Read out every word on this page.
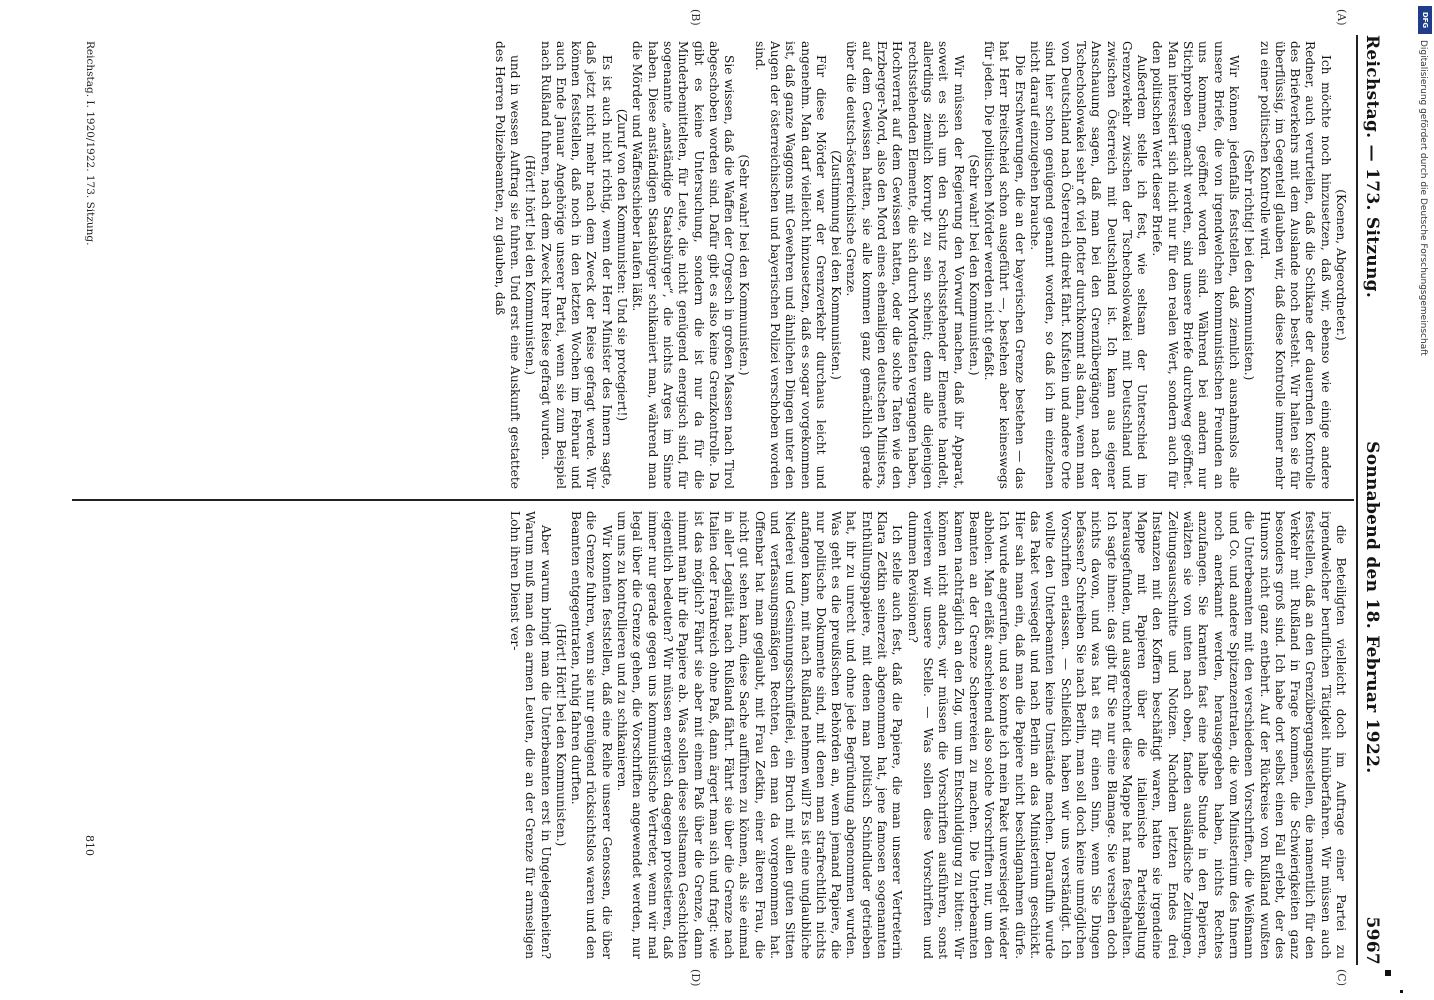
Reichstag. — 173. Sitzung.
Sonnabend den 18. Februar 1922.
5967

(Koenen, Abgeordneter.)

Ich möchte noch hinzusetzen, daß wir, ebenso wie einige andere Redner, auch verurteilen, daß die Schikane der dauernden Kontrolle des Briefverkehrs mit dem Auslande noch besteht. Wir halten sie für überflüssig, im Gegenteil glauben wir, daß diese Kontrolle immer mehr zu einer politischen Kontrolle wird.

(Sehr richtig! bei den Kommunisten.)

Wir können jedenfalls feststellen, daß ziemlich ausnahmslos alle unsere Briefe, die von irgendwelchen kommunistischen Freunden an uns kommen, geöffnet worden sind. Während bei andern nur Stichproben gemacht werden, sind unsere Briefe durchweg geöffnet. Man interessiert sich nicht nur für den realen Wert, sondern auch für den politischen Wert dieser Briefe.

Außerdem stelle ich fest, wie seltsam der Unterschied im Grenzverkehr zwischen der Tschechoslowakei mit Deutschland und zwischen Österreich mit Deutschland ist. Ich kann aus eigener Anschauung sagen, daß man bei den Grenzübergängen nach der Tschechoslowakei sehr oft viel flotter durchkommt als dann, wenn man von Deutschland nach Österreich direkt fährt. Kufstein und andere Orte sind hier schon genügend genannt worden, so daß ich im einzelnen nicht darauf einzugehen brauche.

Die Erschwerungen, die an der bayerischen Grenze bestehen — das hat Herr Breitscheid schon ausgeführt —, bestehen aber keineswegs für jeden. Die politischen Mörder werden nicht gefaßt.

(Sehr wahr! bei den Kommunisten.)

Wir müssen der Regierung den Vorwurf machen, daß ihr Apparat, soweit es sich um den Schutz rechtsstehender Elemente handelt, allerdings ziemlich korrupt zu sein scheint; denn alle diejenigen rechtsstehenden Elemente, die sich durch Mordtaten vergangen haben, Hochverrat auf dem Gewissen hatten, oder die solche Taten wie den Erzberger-Mord, also den Mord eines ehemaligen deutschen Ministers, auf dem Gewissen hatten, sie alle kommen ganz gemächlich gerade über die deutsch-österreichische Grenze.

(Zustimmung bei den Kommunisten.)

Für diese Mörder war der Grenzverkehr durchaus leicht und angenehm. Man darf vielleicht hinzusetzen, daß es sogar vorgekommen ist, daß ganze Waggons mit Gewehren und ähnlichen Dingen unter den Augen der österreichischen und bayerischen Polizei verschoben worden sind.

(Sehr wahr! bei den Kommunisten.)

Sie wissen, daß die Waffen der Orgesch in großen Massen nach Tirol abgeschoben worden sind. Dafür gibt es also keine Grenzkontrolle. Da gibt es keine Untersuchung, sondern die ist nur da für die Minderbemittelten, für Leute, die nicht genügend energisch sind, für sogenannte „anständige Staatsbürger“, die nichts Arges im Sinne haben. Diese anständigen Staatsbürger schikaniert man, während man die Mörder und Waffenschieber laufen läßt.

(Zuruf von den Kommunisten: Und sie protegiert!)

Es ist auch nicht richtig, wenn der Herr Minister des Innern sagte, daß jetzt nicht mehr nach dem Zweck der Reise gefragt werde. Wir können feststellen, daß noch in den letzten Wochen im Februar und auch Ende Januar Angehörige unserer Partei, wenn sie zum Beispiel nach Rußland fuhren, nach dem Zweck ihrer Reise gefragt wurden.

(Hört! hört! bei den Kommunisten.)

und in wessen Auftrag sie fuhren. Und erst eine Auskunft gestattete des Herren Polizeibeamten, zu glauben, daß

die Beteiligten vielleicht doch im Auftrage einer Partei zu irgendwelcher beruflichen Tätigkeit hinüberfahren. Wir müssen auch feststellen, daß an den Grenzübergangsstellen, die namentlich für den Verkehr mit Rußland in Frage kommen, die Schwierigkeiten ganz besonders groß sind. Ich habe dort selbst einen Fall erlebt, der des Humors nicht ganz entbehrt. Auf der Rückreise von Rußland wußten die Unterbeamten mit den verschiedenen Vorschriften, die Weißmann und Co. und andere Spitzenzentralen, die vom Ministerium des Innern noch anerkannt werden, herausgegeben haben, nichts Rechtes anzufangen. Sie kramten fast eine halbe Stunde in den Papieren, wälzten sie von unten nach oben, fanden ausländische Zeitungen, Zeitungsausschnitte und Notizen. Nachdem letzten Endes drei Instanzen mit den Koffern beschäftigt waren, hatten sie irgendeine Mappe mit Papieren über die italienische Parteispaltung herausgefunden, und ausgerechnet diese Mappe hat man festgehalten. Ich sagte ihnen: das gibt für Sie nur eine Blamage. Sie versehen doch nichts davon, und was hat es für einen Sinn, wenn Sie Dingen befassen? Schreiben Sie nach Berlin, man soll doch keine unmöglichen Vorschriften erlassen. — Schließlich haben wir uns verständigt. Ich wollte den Unterbeamten keine Umstände machen. Daraufhin wurde das Paket versiegelt und nach Berlin an das Ministerium geschickt. Hier sah man ein, daß man die Papiere nicht beschlagnahmen dürfe. Ich wurde angerufen, und so konnte ich mein Paket unversiegelt wieder abholen. Man erläßt anscheinend also solche Vorschriften nur, um den Beamten an der Grenze Scherereien zu machen. Die Unterbeamten kamen nachträglich an den Zug, um um Entschuldigung zu bitten: Wir können nicht anders, wir müssen die Vorschriften ausführen, sonst verlieren wir unsere Stelle. — Was sollen diese Vorschriften und dummen Revisionen?

Ich stelle auch fest, daß die Papiere, die man unserer Vertreterin Klara Zetkin seinerzeit abgenommen hat, jene famosen sogenannten Enthüllungspapiere, mit denen man politisch Schindluder getrieben hat, ihr zu unrecht und ohne jede Begründung abgenommen wurden. Was geht es die preußischen Behörden an, wenn jemand Papiere, die nur politische Dokumente sind, mit denen man strafrechtlich nichts anfangen kann, mit nach Rußland nehmen will? Es ist eine unglaubliche Niederei und Gesinnungsschnüffelei, ein Bruch mit allen guten Sitten und verfassungsmäßigen Rechten, den man da vorgenommen hat. Offenbar hat man geglaubt, mit Frau Zetkin, einer älteren Frau, die nicht gut sehen kann, diese Sache aufführen zu können, als sie einmal in aller Legalität nach Rußland fährt. Fährt sie über die Grenze nach Italien oder Frankreich ohne Paß, dann ärgert man sich und fragt: wie ist das möglich? Fährt sie aber mit einem Paß über die Grenze, dann nimmt man ihr die Papiere ab. Was sollen diese seltsamen Geschichten eigentlich bedeuten? Wir müssen energisch dagegen protestieren, daß immer nur gerade gegen uns kommunistische Vertreter, wenn wir mal legal über die Grenze gehen, die Vorschriften angewendet werden, nur um uns zu kontrollieren und zu schikanieren.

Wir konnten feststellen, daß eine Reihe unserer Genossen, die über die Grenze fuhren, wenn sie nur genügend rücksichtslos waren und den Beamten entgegentraten, ruhig fahren durften.

(Hört! Hört! bei den Kommunisten.)

Aber warum bringt man die Unterbeamten erst in Ungelegenheiten? Warum muß man den armen Leuten, die an der Grenze für armseligen Lohn ihren Dienst ver-

(A)
(B)
(C)
(D)
Reichstag. I. 1920/1922. 173. Sitzung.
810
DFG
Digitalisierung gefördert durch die Deutsche Forschungsgemeinschaft
